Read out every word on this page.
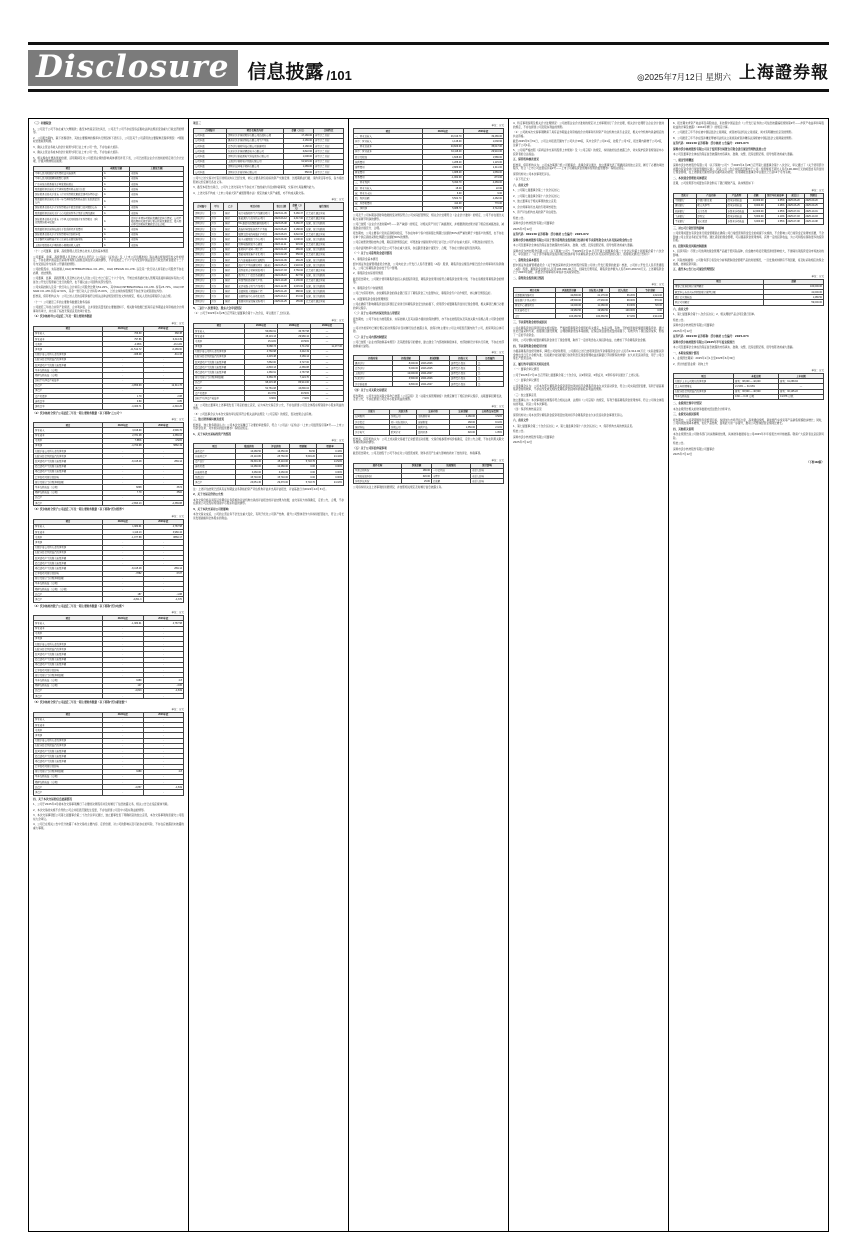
Disclosure 信息披露 /101	◎2025年7月12日 星期六 上海證券報

（三）补缴税款

1、公司及子公司不存在重大欠缴税款；截至本核查意见出具日，公司及子公司不存在因违反税收法律法规而受到重大行政处罚的情形。

2、公司报告期内，除下述税项外，其他主要税种的税率执行情况如下表所示，公司及其子公司适用的主要税种及税率情况：7项税收优惠政策明细。

3、确认主营业务收入的会计政策与同行业上市公司一致，不存在重大差异。

4、确认主营业务成本的会计政策与同行业上市公司一致，不存在重大差异。

5、相关税收优惠政策的依据、适用期间及对公司经营业绩的影响具体情况详见下表，公司已按照企业会计准则的规定进行会计处理，计提并缴纳相关税费。

项目	本期发生额	上期发生额
中华人民共和国企业所得税法实施条例	A	无影响
中华人民共和国增值税暂行条例	A	无影响
广东省地方税务局关于印发税收规范	A	无影响
财政部税务总局关于完善研发费用税前加计扣除	A	无影响
国家税务总局关于发布《企业所得税优惠政策事项办理办法》	A	无影响
财政部税务总局关于进一步完善研发费用税前加计扣除政策的公告	A	无影响
国家税务总局关于企业所得税若干政策征管口径问题的公告	A	无影响
财政部税务总局关于扩大有关政府性基金免征范围的通知	A	无影响
国家税务总局关于发布《中华人民共和国企业所得税月（季）度预缴纳税申报表》	A	适用于本期各项税收优惠政策执行情况，公司严格按照相关规定执行相应税收优惠政策，报告期内享受的税收优惠政策合法合规。
财政部税务总局科技部关于提高研究开发费用	A	无影响
国家税务总局关于企业所得税年度纳税申报	A	无影响
关于继续实施物流企业大宗商品仓储设施用地	A	无影响
上海市财政局关于增值税小规模纳税人减免	A	无影响

（十）公司董事、监事、高级管理人员及核心技术人员的基本情况

公司董事、监事、高级管理人员及核心技术人员符合《公司法》《证券法》及《上市公司治理准则》等法律法规和规范性文件的规定，不存在被中国证监会采取市场禁入措施且尚在禁入期的情形，不存在最近三十六个月内受到中国证监会行政处罚或者最近十二个月内受到证券交易所公开谴责的情形。

公司控股股东、实际控制人OGQ INTERNATIONAL CO.,LTD.、OGQ DESIGN CO.,LTD. 以及其一致行动人持有的公司股份不存在质押、冻结情形。

公司董事、监事、高级管理人员及核心技术人员自公司上市之日起三十六个月内，不转让或者委托他人管理其直接和间接持有的公司首次公开发行股票前已发行的股份，也不提议由公司回购该部分股份。

公司实际控制人及其一致行动人合计持有公司股份比例为51.20%，其中OGQ INTERNATIONAL CO.,LTD. 持有23.70%，OGQ DESIGN CO.,LTD.持有12.50%，其余一致行动人合计持有15.00%，上述主体的持股情况不存在争议或者潜在纠纷。

经核查，保荐机构认为：公司上述人员的任职资格符合相关法律法规及规范性文件的规定，相关人员的任职程序合法合规。

（十一）公司最近三年的主要财务数据及财务指标

公司最近三年的合并资产负债表、合并利润表、合并现金流量表的主要数据如下，相关财务数据已经具有证券期货业务资格的会计师事务所审计，并出具了标准无保留意见的审计报告。

（1）沃尔核材母公司最近三年及一期主要财务数据

单位：万元
项目	2024年度	2023年度
营业收入	766.60	368.38
营业成本	797.86	6,313.39
毛利率	-4.08%	-16.14%
净利润	-11,512.72	-6,489.60
归属于母公司所有者的净利润	-468.09	-611.33
扣除非经常性损益后的净利润	-	-
经营活动产生的现金流量净额	-	-
基本每股收益（元/股）	-	-
稀释每股收益（元/股）	-	-
加权平均净资产收益率	-	-
总资产	-4,859.93	12,311.76
净资产	-	-
资产负债率	1.70	2.88
流动比率	0.60	0.85
速动比率	-4,460.71	-1,340.25

（2）沃尔核材全资子公司最近三年及一期主要财务数据（以下简称"乙公司"）

单位：万元
项目	2024年度	2023年度
营业收入	3,018.90	4,596.70
营业成本	2,781.08	4,389.04
毛利率	7.88%	4.52%
净利润	-4,760.98	5882.19
归属于母公司所有者的净利润	-	-
扣除非经常性损益后的净利润	-	-
经营活动产生的现金流量净额	-8,415.48	-869.14
投资活动产生的现金流量净额	-	-
筹资活动产生的现金流量净额	-	-
汇率变动对现金的影响	-	-
现金及现金等价物净增加额	-	-
基本每股收益（元/股）	6898	3674
稀释每股收益（元/股）	7.70	3502
总资产	-	-
净资产	-2,893.13	-4,389.88

（3）沃尔核材全资子公司最近三年及一期主要财务数据（以下简称"沃尔凯博"）

单位：万元
项目	2024年度	2023年度
营业收入	1,380.91	4,787.58
营业成本	1,119.13	3,980.44
毛利率	-1,077.88	8860.17
净利润	-	-
归属于母公司所有者的净利润	-	-
扣除非经常性损益后的净利润	-	-
经营活动产生的现金流量净额	-	-
投资活动产生的现金流量净额	-	-
筹资活动产生的现金流量净额	-8,415.48	-869.14
汇率变动对现金的影响	-7882	6727
现金及现金等价物净增加额	-	-
基本每股收益（元/股）	-	-
稀释每股收益（元/股）（元/股）	-	-
总资产	187	-1.88
净资产	-4,811.3	-4,370

（4）沃尔核材控股子公司最近三年及一期主要财务数据（以下简称"沃尔电缆"）

单位：万元
项目	2024年度	2023年度
营业收入	-1,380.91	4,787.58
营业成本	-	-
毛利率	-	-
净利润	-	-
归属于母公司所有者的净利润	-	-
扣除非经常性损益后的净利润	-	-
经营活动产生的现金流量净额	-	-
投资活动产生的现金流量净额	-	-
筹资活动产生的现金流量净额	-	-
汇率变动对现金的影响	-	-
现金及现金等价物净增加额	-	-
基本每股收益（元/股）	3489	2.8
稀释每股收益（元/股）	147	-3.86
总资产	-4,813	-4,819
净资产	-	-

（5）沃尔核材全资子公司最近三年及一期主要财务数据（以下简称"沃尔新能源"）

单位：万元
项目	2024年度	2023年度
营业收入	-	-
营业成本	-	-
毛利率	-	-
净利润	-	-
归属于母公司所有者的净利润	-	-
扣除非经常性损益后的净利润	-	-
经营活动产生的现金流量净额	-	-
投资活动产生的现金流量净额	-	-
筹资活动产生的现金流量净额	-	-
汇率变动对现金的影响	-	-
现金及现金等价物净增加额	3489	2.8
基本每股收益（元/股）	-	-
稀释每股收益（元/股）	-	-
总资产	-4,867	-4,819
净资产	-	-

四、关于本次交易的信息披露情况

1、公司于2025年4月就本次交易事项履行了必要的决策程序并及时履行了信息披露义务，相关公告已在指定媒体刊载。

2、本次交易的实施不会导致公司合并报表范围发生变更，不存在损害公司及中小股东利益的情形。

3、本次交易事项经公司第七届董事会第二十次会议审议通过，独立董事发表了明确同意的独立意见，本次交易事项尚需提交公司股东大会审议。

4、公司已在相关公告中充分披露了本次交易的主要内容、定价依据、对公司的影响以及可能存在的风险，不存在应披露而未披露的重大事项。

项目三

合同编号	项目名称及内容	金额（万元）	合同约定
公司本部	深圳市沃尔核材股份有限公司总部办公楼	17,180.00	自签订之日起
公司本部	惠州市沃尔核材科技有限公司生产基地	4,166.00	自签订之日起
公司本部	江苏沃尔核材科技有限公司新建项目	3,188.00	自签订之日起
公司本部	东莞市沃尔核材精密电子有限公司	6,822.66	自签订之日起
公司本部	深圳沃尔新能源电气科技股份有限公司	1,008.00	自签订之日起
公司本部	上海沃尔核材电子线缆有限公司	91,915.00	自签订之日起
公司本部	深圳市长园电子材料有限公司	1,289.00	自签订之日起
公司本部	深圳市沃尔新材料有限公司	558.00	自签订之日起

公司与上述交易对方签订的相关协议已经生效，协议主要条款包括标的资产交割安排、过渡期损益归属、违约责任等内容，各方将按照协议约定履行各自义务。

3、截至本报告出具日，公司与上述交易对方不存在未了结的重大诉讼或仲裁事项，交易对方具备履约能力。

4、上述交易不构成《上市公司重大资产重组管理办法》规定的重大资产重组，亦不构成关联交易。

单位：万元
合同编号	甲方	乙方	项目内容	签订日期	金额（万元）	履行情况
深圳沃尔	沃尔	核材	电力电缆附件生产线建设项目	2023-01-05	5,480.37	已完成并通过验收
深圳沃尔	沃尔	核材	新能源汽车高压线束项目	2023-03-12	2,317.00	已完成并通过验收
深圳沃尔	沃尔	核材	5G 通信用高频数据线缆项目	2023-05-08	5,480.37	在建，按计划推进
深圳沃尔	沃尔	核材	热缩材料智能制造生产基地	2023-06-20	3,188.00	在建，按计划推进
深圳沃尔	沃尔	核材	辐照交联电线电缆扩产项目	2023-08-15	6,822.66	已完成并通过验收
深圳沃尔	沃尔	核材	电子束辐照加工中心项目	2023-09-30	1,008.00	在建，按计划推进
深圳沃尔	沃尔	核材	特种电缆研发中心建设	2023-11-11	915.00	已完成并通过验收
深圳沃尔	沃尔	核材	新材料产业园一期工程	2024-01-18	289.00	在建，按计划推进
深圳沃尔	沃尔	核材	智能电网设备产业化项目	2024-02-26	558.00	已完成并通过验收
深圳沃尔	沃尔	核材	汽车连接器自动化装配线	2024-04-09	266.25	在建，按计划推进
深圳沃尔	沃尔	核材	海外生产基地建设项目（越南）	2024-05-21	1,918.00	在建，按计划推进
深圳沃尔	沃尔	核材	高性能复合材料研发项目	2024-07-03	3,760.00	已完成并通过验收
深圳沃尔	沃尔	核材	数字化工厂信息系统建设	2024-08-16	827.50	在建，按计划推进
深圳沃尔	沃尔	核材	环保型阻燃材料生产线	2024-10-28	1,136.00	已完成并通过验收
深圳沃尔	沃尔	核材	光伏电缆专用生产线项目	2024-12-05	2,045.00	在建，按计划推进
深圳沃尔	沃尔	核材	总部研发大楼装修工程	2025-01-20	688.00	在建，按计划推进
深圳沃尔	沃尔	核材	仓储物流中心自动化改造	2025-03-14	372.00	在建，按计划推进
深圳沃尔	沃尔	核材	检测实验室设备采购项目	2025-04-25	155.80	已完成并通过验收

5、三届十八次董事会、股东大会审议情况

（1）公司于2025年4月28日召开第七届董事会第十八次会议，审议通过了上述议案。

单位：万元
项目	2024年度	2023年度	2022年度
营业收入	56,680.91	36,787.58	—
营业成本	48,119.13	29,980.44	—
毛利率	15.10%	18.50%	—
净利润	5,088.73	3,711.52	11,477.00
归属于母公司所有者的净利润	4,760.98	3,442.19	—
扣除非经常性损益后的净利润	4,415.48	3,169.14	—
经营活动产生的现金流量净额	7,882.00	6,727.00	—
投资活动产生的现金流量净额	-2,893.13	-4,389.88	—
筹资活动产生的现金流量净额	1,380.91	4,787.58	—
现金及现金等价物净增加额	6,369.78	7,124.70	—
总资产	98,415.48	86,914.00	—
净资产	52,781.08	43,890.04	—
资产负债率	46.37%	49.50%	—
加权平均净资产收益率	9.66%	7.92%	—

（2）公司独立董事对上述事项发表了同意的独立意见，认为本次交易定价公允，不存在损害公司及全体股东特别是中小股东利益的情形。

（3）公司监事会认为本次交易的审议程序符合相关法律法规及《公司章程》的规定，表决结果合法有效。

三、独立财务顾问核查意见

经核查，独立财务顾问认为：公司本次交易履行了必要的审批程序，符合《公司法》《证券法》《上市公司监管指引第8号——上市公司资金往来、对外担保的监管要求》等相关规定。

1、关于本次交易标的资产的情况

单位：万元
项目	账面价值	评估价值	增值额	增值率
流动资产	16,280.50	16,350.00	69.50	0.43%
非流动资产	23,110.80	28,760.00	5,649.20	24.44%
资产总计	39,391.30	45,110.00	5,718.70	14.52%
流动负债	12,480.00	12,480.00	0.00	0.00%
非流动负债	3,260.00	3,260.00	0.00	0.00%
负债合计	15,740.00	15,740.00	0.00	0.00%
净资产	23,651.30	29,370.00	5,718.70	24.18%

注：上述评估结果已经具有证券期货业务资格的资产评估机构评估并出具评估报告，评估基准日为2024年12月31日。

2、关于交易定价的公允性

本次交易价格以具有证券期货业务资格的评估机构出具的评估报告的评估结果为依据，由交易双方协商确定，定价公允、合理，不存在损害公司及股东特别是中小股东利益的情形。

3、关于本次交易对公司的影响

本次交易完成后，公司的主营业务不会发生重大变化，有利于优化公司资产结构、提升公司整体竞争力和持续经营能力，符合公司长远发展战略和全体股东的利益。

单位：万元
项目	2024年度	2023年度
一、营业总收入	46,319.70	39,486.00
其中：营业收入	1,148.00	1,038.66
二、营业总成本	40,829.00	35,017.00
其中：营业成本	34,118.00	29,910.00
税金及附加	1,608.00	1,586.00
销售费用	1,288.00	1,115.00
管理费用	2,889.00	2,411.00
研发费用	1,988.00	1,669.00
财务费用	-1,062.00	-674.00
三、营业利润	5,490.70	4,469.00
加：营业外收入	18.00	22.00
减：营业外支出	6.00	9.00
四、利润总额	5,502.70	4,482.00
减：所得税费用	414.00	770.00
五、净利润	5,088.70	3,712.00

公司及子公司本期各项财务数据的变动情况符合公司实际经营情况，相关会计处理符合《企业会计准则》的规定，公司不存在通过关联交易调节利润的情形。

公司已按照《企业会计准则第8号——资产减值》的规定，对相关资产进行了减值测试，并根据测试结果计提了相应的减值准备，减值准备计提充分、合理。

报告期内，公司主要客户及供应商相对稳定，不存在向单个客户的销售比例超过总额的50%或严重依赖于少数客户的情况，也不存在对单个供应商的采购比例超过总额的50%的情形。

公司应收账款账龄结构合理，期后回款情况良好，坏账准备计提政策与同行业可比公司不存在重大差异，坏账准备计提充分。

公司存货周转率与同行业可比公司不存在重大差异，存货跌价准备计提充分、合理，不存在大额存货积压的风险。

（一）关于公司募集资金使用情况

1、募集资金基本情况

经中国证券监督管理委员会核准，公司向社会公开发行人民币普通股（A股）股票，募集资金总额及净额已经会计师事务所验资确认，公司已将募集资金存放于专户管理。

2、募集资金实际使用情况

截至报告期末，公司累计使用募集资金投入承诺投资项目，募集资金使用进度符合募集资金使用计划，不存在违规使用募集资金的情形。

3、募集资金专户存储情况

公司已与保荐机构、存放募集资金的商业银行签订了募集资金三方监管协议，募集资金专户运作规范，协议履行情况良好。

4、闲置募集资金现金管理情况

公司在确保不影响募集资金投资项目正常进行和募集资金安全的前提下，使用部分闲置募集资金进行现金管理，相关事项已履行必要的审议程序。

（二）关于公司对外担保及资金占用情况

报告期内，公司不存在为控股股东、实际控制人及其关联方提供担保的情形，亦不存在控股股东及其他关联方违规占用公司资金的情形。

公司对外担保均已履行相应的决策程序并及时履行信息披露义务，担保对象主要为公司合并报表范围内的子公司，担保风险总体可控。

（三）关于公司内部控制情况

公司已按照《企业内部控制基本规范》及其配套指引的要求，建立健全了内部控制制度体系，内部控制设计和执行有效，不存在内部控制重大缺陷。

单位：万元
担保对象	担保金额	担保期限	担保方式	是否履约
惠州沃尔	8,000.00	2023-2026	连带责任保证	是
江苏沃尔	5,000.00	2023-2025	连带责任保证	是
上海沃尔	12,000.00	2024-2027	连带责任保证	是
东莞沃尔	3,500.00	2024-2026	连带责任保证	是
沃尔新能源	6,800.00	2024-2027	连带责任保证	是

（四）关于公司关联交易情况

报告期内，公司发生的关联交易均已按照《公司章程》及《关联交易管理制度》的规定履行了相应的审议程序，关联董事回避表决，定价公允，不存在损害公司及中小股东利益的情形。

单位：万元
关联方	关联关系	交易内容	交易金额	占同类交易比例
长园集团	参股公司	采购原材料	2,180.00	3.52%
沃尔投资	同一实际控制人	房屋租赁	168.00	8.10%
核材科技	参股公司	销售产品	1,350.00	2.10%
沃尔电气	联营企业	提供劳务	320.00	1.05%

经核查，保荐机构认为：公司上述关联交易属于正常经营活动需要，交易价格参照市场价格确定，定价公允合理，不存在利用关联交易操纵利润的情形。

（五）关于公司诉讼仲裁事项

截至报告期末，公司及控股子公司不存在对公司经营成果、财务状况产生重大影响的尚未了结的诉讼、仲裁事项。

单位：万元
案件名称	涉案金额	进展情况	预计影响
买卖合同纠纷	186.00	一审已判决	无重大影响
专利权侵权纠纷	320.00	审理中	无重大影响
劳动争议纠纷	25.80	已和解	无重大影响

公司将持续关注上述事项的进展情况，并按照相关规定及时履行信息披露义务。

4、特定事项说明及相关会计处理情况：公司按照企业会计准则的规定对上述事项进行了会计处理，相关会计处理符合企业会计准则的规定，不存在损害公司及股东利益的情形。

（1）公司就本次交易事项聘请了具有证券期货业务资格的会计师事务所和资产评估机构出具专业意见，相关中介机构均具备相应的执业资格。

截至2025年5月31日，公司合并报表范围内子公司共计28家，其中全资子公司21家，控股子公司7家，报告期内新增子公司2家，注销子公司1家。

5、公司将严格按照《深圳证券交易所股票上市规则》及《公司章程》的规定，持续做好信息披露工作，切实保护投资者特别是中小投资者的合法权益。

五、保荐机构核查意见

经核查，保荐机构认为：公司本次事项已经公司董事会、监事会审议通过，独立董事发表了明确同意的独立意见，履行了必要的审批程序，符合《上市公司监管指引第2号——上市公司募集资金管理和使用的监管要求》等相关规定。

保荐机构对公司本次事项无异议。

（以下无正文）

六、备查文件

1、公司第七届董事会第二十次会议决议；

2、公司第七届监事会第十六次会议决议；

3、独立董事关于相关事项的独立意见；

4、会计师事务所出具的专项审核报告；

5、资产评估机构出具的资产评估报告。

特此公告。

深圳市沃尔核材股份有限公司董事会

2025年7月12日

证券代码：002130 证券简称：沃尔核材 公告编号：2025-072

深圳市沃尔核材股份有限公司关于部分募集资金投资项目结项并将节余募集资金永久补充流动资金的公告

本公司及董事会全体成员保证信息披露的内容真实、准确、完整，没有虚假记载、误导性陈述或重大遗漏。

深圳市沃尔核材股份有限公司（以下简称"公司"）于2025年7月11日召开第七届董事会第二十次会议和第七届监事会第十六次会议，审议通过了《关于部分募集资金投资项目结项并将节余募集资金永久补充流动资金的议案》，现将相关情况公告如下：

一、募集资金基本情况

经中国证券监督管理委员会《关于核准深圳市沃尔核材股份有限公司非公开发行股票的批复》核准，公司非公开发行人民币普通股（A股）股票，募集资金总额为人民币105,000.00万元，扣除发行费用后，募集资金净额为人民币103,280.50万元。上述募集资金已于2023年到账，并经会计师事务所审验并出具验资报告。

二、募集资金投资项目情况

单位：万元
项目名称	承诺投资总额	实际投入金额	投入进度	节余金额
高频数据线缆项目	42,800.00	41,176.00	96.20%	1,624.00
新能源汽车线束项目	28,500.00	27,930.00	98.00%	570.00
研发中心建设项目	12,000.00	11,280.00	94.00%	720.00
补充流动资金	19,980.50	19,980.50	100.00%	0.00
合计	103,280.50	100,366.50	97.18%	2,914.00

三、节余募集资金的形成原因

公司在募集资金投资项目的实施过程中，严格按照募集资金使用的有关规定，本着合理、有效、节约的原则审慎使用募集资金，通过优化设备采购方案、加强项目建设管理、合理控制建设成本等措施，在保证项目建设质量的前提下，有效节约了项目投资成本，形成了一定的节余资金。

同时，公司对暂时闲置的募集资金进行了现金管理，取得了一定的利息收入和投资收益，也增加了节余募集资金金额。

四、节余募集资金的使用计划

为提高募集资金使用效率，降低公司财务费用，公司拟将上述已结项项目的节余募集资金合计人民币2,914.00万元（实际金额以资金转出当日专户余额为准，包括累计收到的银行存款利息及现金管理收益扣除银行手续费等的净额）永久补充流动资金，用于公司日常生产经营活动。

五、履行的审议程序及相关意见

（一）董事会审议情况

公司于2025年7月11日召开第七届董事会第二十次会议，以9票同意、0票反对、0票弃权审议通过了上述议案。

（二）监事会审议情况

公司监事会认为：公司本次部分募集资金投资项目结项并将节余募集资金永久补充流动资金，符合公司实际经营需要，有利于提高募集资金使用效率，不存在改变或变相改变募集资金投向和损害股东利益的情形。

（三）独立董事意见

独立董事认为：本次事项的决策程序符合相关法律、法规和《公司章程》的规定，有利于提高募集资金使用效率，符合公司和全体股东的利益，同意公司本次事项。

（四）保荐机构核查意见

保荐机构对公司本次部分募集资金投资项目结项并将节余募集资金永久补充流动资金事项无异议。

六、备查文件

1、第七届董事会第二十次会议决议；2、第七届监事会第十六次会议决议；3、保荐机构出具的核查意见。

特此公告。

深圳市沃尔核材股份有限公司董事会

2025年7月12日

6、报告期末净资产收益率及每股收益，系按照中国证监会《公开发行证券的公司信息披露编报规则第9号——净资产收益率和每股收益的计算及披露》（2010年修订）的规定计算。

7、公司最近三年不存在被中国证监会立案调查，或者被司法机关立案侦查，尚未有明确结论意见的情形。

8、公司最近三年不存在因涉嫌犯罪被司法机关立案侦查或者涉嫌违法违规被中国证监会立案调查的情形。

证券代码：002130 证券简称：沃尔核材 公告编号：2025-073

深圳市沃尔核材股份有限公司关于使用部分闲置自有资金进行现金管理的进展公告

本公司及董事会全体成员保证信息披露的内容真实、准确、完整，没有虚假记载、误导性陈述或重大遗漏。

一、现金管理概述

深圳市沃尔核材股份有限公司（以下简称"公司"）于2025年4月28日召开第七届董事会第十八次会议，审议通过了《关于使用部分闲置自有资金进行现金管理的议案》，同意公司（含合并报表范围内子公司）使用额度不超过人民币100,000万元的闲置自有资金进行现金管理，在上述额度范围内资金可循环滚动使用，使用期限自董事会审议通过之日起12个月内有效。

二、本次现金管理的具体情况

近期，公司使用部分闲置自有资金购买了银行理财产品，具体情况如下：

单位：万元
受托方	产品名称	产品类型	金额	预计年化收益率	起息日	到期日
中国银行	中银日积月累	保本浮动收益	10,000.00	2.35%	2025-06-20	2025-09-20
建设银行	乾元共享型	保本浮动收益	8,000.00	2.28%	2025-06-25	2025-09-25
招商银行	点金系列	非保本浮动收益	12,000.00	2.65%	2025-07-01	2025-10-01
工商银行	添利宝	保本浮动收益	5,000.00	2.10%	2025-07-03	2025-10-03
平安银行	安心灵活	非保本浮动收益	6,000.00	2.55%	2025-07-08	2025-10-08

三、对公司日常经营的影响

公司使用闲置自有资金进行现金管理是在确保公司日常经营和资金安全的前提下实施的，不会影响公司日常资金正常周转需要，不会影响公司主营业务的正常开展。通过适度的现金管理，可以提高资金使用效率，获得一定的投资收益，为公司和股东谋取更多的投资回报。

四、投资风险及风险控制措施

1、投资风险：尽管公司选择的现金管理产品属于低风险品种，但金融市场受宏观经济的影响较大，不排除该项投资受到市场波动的影响。

2、风险控制措施：公司财务部门将及时分析和跟踪现金管理产品的进展情况，一旦发现或判断有不利因素，将及时采取相应的保全措施，控制投资风险。

五、截至本公告日公司现金管理情况

单位：万元
项目	金额
董事会批准的现金管理额度	100,000.00
截至本公告日尚未到期的现金管理余额	41,000.00
累计已实现收益	1,286.50
剩余可用额度	59,000.00

六、备查文件

1、第七届董事会第十八次会议决议；2、相关理财产品合同及银行回单。

特此公告。

深圳市沃尔核材股份有限公司董事会

2025年7月12日

证券代码：002130 证券简称：沃尔核材 公告编号：2025-074

深圳市沃尔核材股份有限公司2025年半年度业绩预告

本公司及董事会全体成员保证信息披露的内容真实、准确、完整，没有虚假记载、误导性陈述或重大遗漏。

一、本期业绩预计情况

1、业绩预告期间：2025年1月1日至2025年6月30日

2、预计的经营业绩：同向上升

单位：万元
项目	本报告期	上年同期
归属于上市公司股东的净利润	盈利：38,000 — 42,000	盈利：31,268.94
比上年同期增长	21.53% — 34.33%	—
扣除非经常性损益后的净利润	盈利：36,500 — 40,500	盈利：30,105.22
基本每股收益	0.30 — 0.33 元/股	0.2478 元/股

二、业绩预告预审计情况

本次业绩预告相关的财务数据未经注册会计师审计。

三、业绩变动原因说明

报告期内，公司紧紧围绕年度经营目标，持续加大市场开拓力度，高速通信线缆、新能源汽车线束等产品销售规模稳步增长；同时，公司持续推进降本增效，优化产品结构，盈利能力进一步提升，推动公司整体经营业绩同比增长。

四、其他相关说明

本次业绩预告是公司财务部门初步测算的结果，具体财务数据将在公司2025年半年度报告中详细披露。敬请广大投资者注意投资风险。

特此公告。

深圳市沃尔核材股份有限公司董事会

2025年7月12日

（下转102版）
